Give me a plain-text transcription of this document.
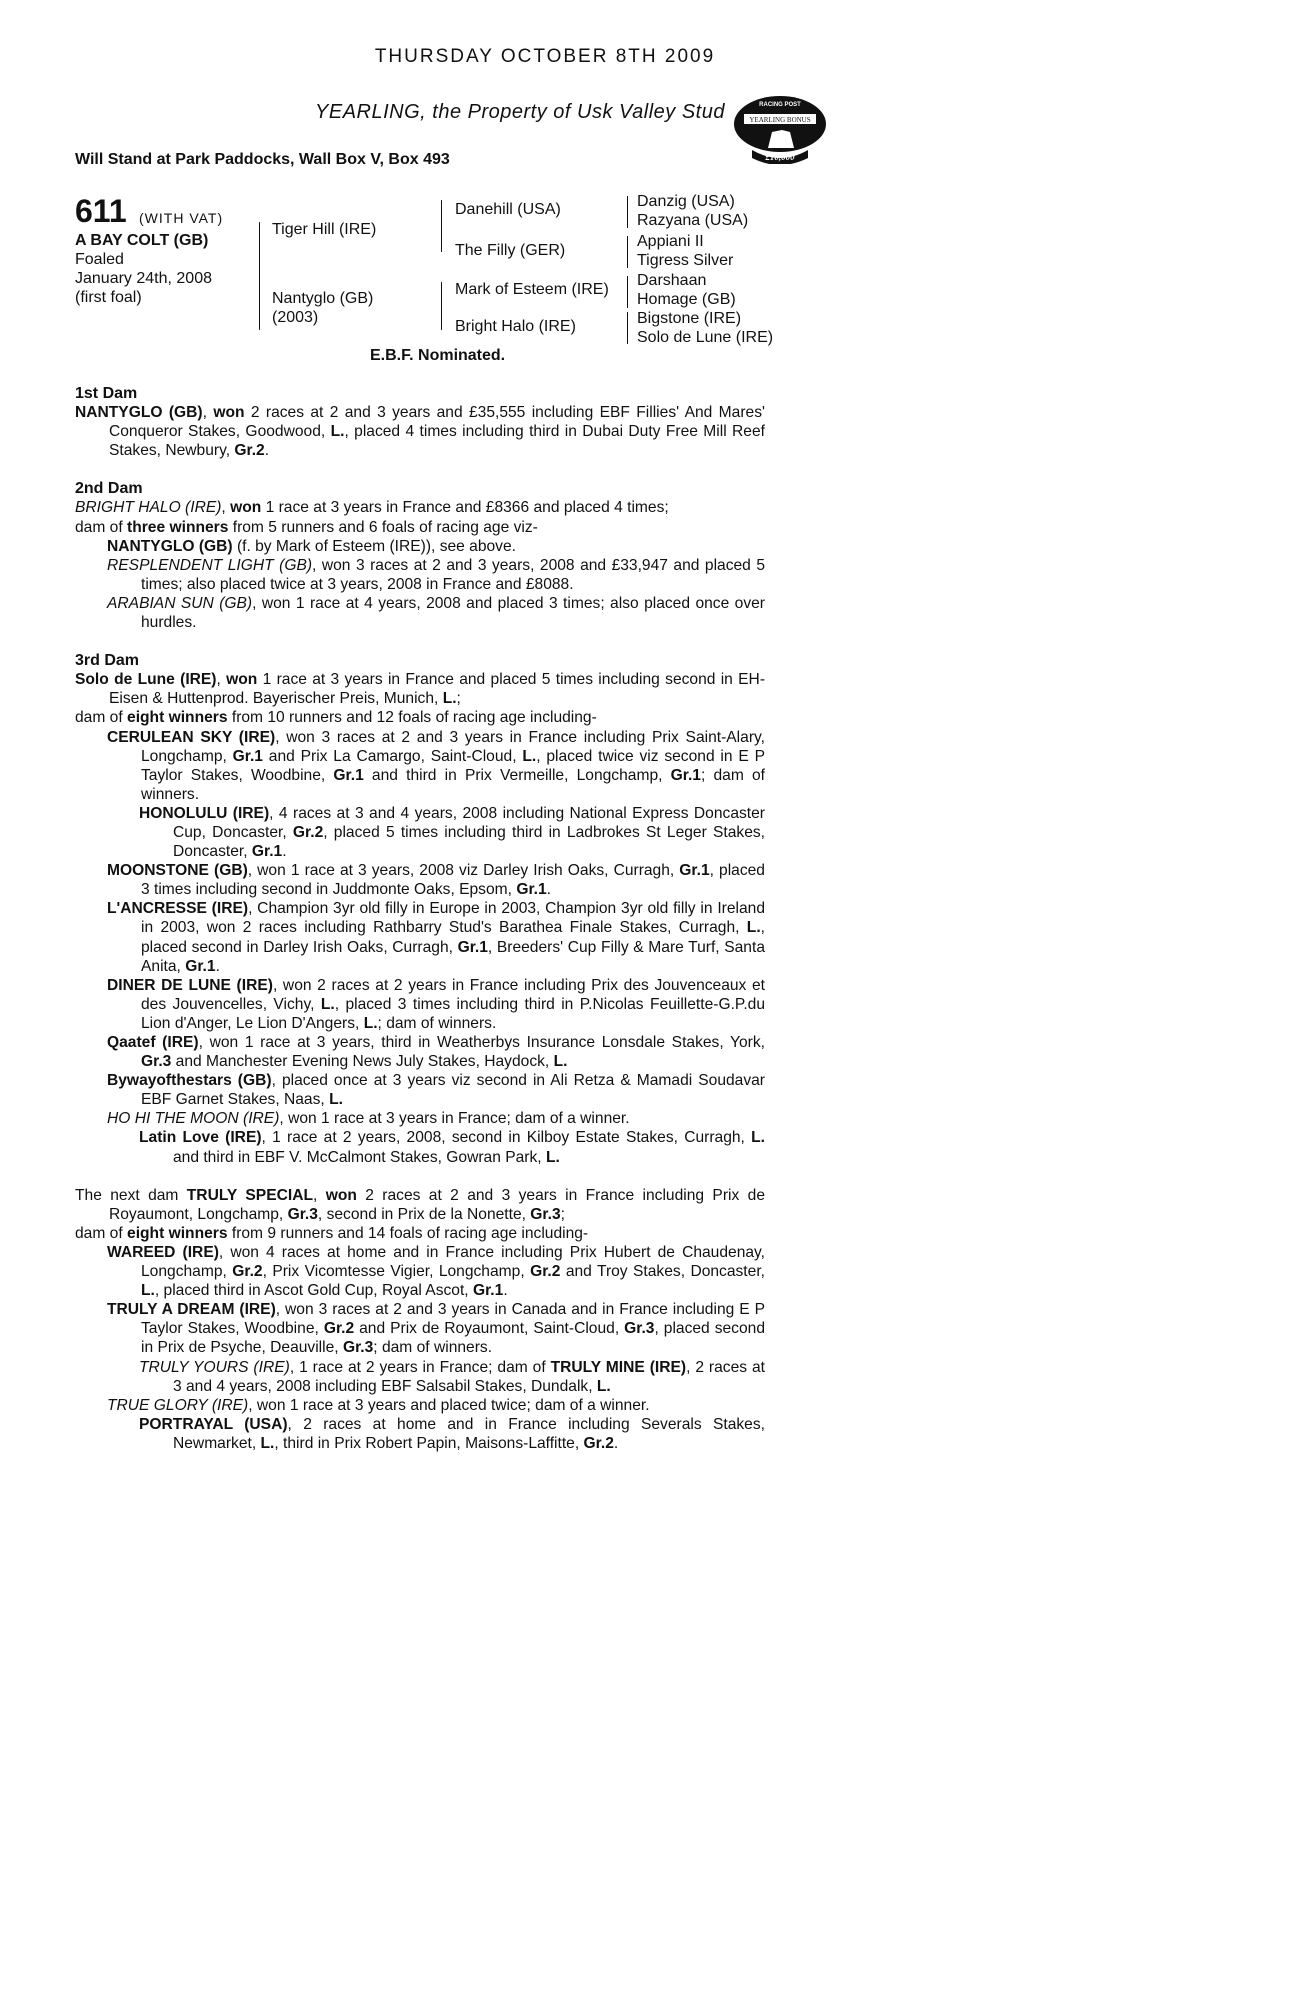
THURSDAY OCTOBER 8TH 2009
YEARLING, the Property of Usk Valley Stud
Will Stand at Park Paddocks, Wall Box V, Box 493
RACING POST
YEARLING BONUS
£10,000
611 (WITH VAT)
A BAY COLT (GB)
Foaled
January 24th, 2008
(first foal)
Tiger Hill (IRE)
Nantyglo (GB)
(2003)
Danehill (USA)
The Filly (GER)
Mark of Esteem (IRE)
Bright Halo (IRE)
Danzig (USA)
Razyana (USA)
Appiani II
Tigress Silver
Darshaan
Homage (GB)
Bigstone (IRE)
Solo de Lune (IRE)
E.B.F. Nominated.

1st Dam

NANTYGLO (GB), won 2 races at 2 and 3 years and £35,555 including EBF Fillies' And Mares' Conqueror Stakes, Goodwood, L., placed 4 times including third in Dubai Duty Free Mill Reef Stakes, Newbury, Gr.2.

2nd Dam

BRIGHT HALO (IRE), won 1 race at 3 years in France and £8366 and placed 4 times;

dam of three winners from 5 runners and 6 foals of racing age viz-

NANTYGLO (GB) (f. by Mark of Esteem (IRE)), see above.

RESPLENDENT LIGHT (GB), won 3 races at 2 and 3 years, 2008 and £33,947 and placed 5 times; also placed twice at 3 years, 2008 in France and £8088.

ARABIAN SUN (GB), won 1 race at 4 years, 2008 and placed 3 times; also placed once over hurdles.

3rd Dam

Solo de Lune (IRE), won 1 race at 3 years in France and placed 5 times including second in EH-Eisen & Huttenprod. Bayerischer Preis, Munich, L.;

dam of eight winners from 10 runners and 12 foals of racing age including-

CERULEAN SKY (IRE), won 3 races at 2 and 3 years in France including Prix Saint-Alary, Longchamp, Gr.1 and Prix La Camargo, Saint-Cloud, L., placed twice viz second in E P Taylor Stakes, Woodbine, Gr.1 and third in Prix Vermeille, Longchamp, Gr.1; dam of winners.

HONOLULU (IRE), 4 races at 3 and 4 years, 2008 including National Express Doncaster Cup, Doncaster, Gr.2, placed 5 times including third in Ladbrokes St Leger Stakes, Doncaster, Gr.1.

MOONSTONE (GB), won 1 race at 3 years, 2008 viz Darley Irish Oaks, Curragh, Gr.1, placed 3 times including second in Juddmonte Oaks, Epsom, Gr.1.

L'ANCRESSE (IRE), Champion 3yr old filly in Europe in 2003, Champion 3yr old filly in Ireland in 2003, won 2 races including Rathbarry Stud's Barathea Finale Stakes, Curragh, L., placed second in Darley Irish Oaks, Curragh, Gr.1, Breeders' Cup Filly & Mare Turf, Santa Anita, Gr.1.

DINER DE LUNE (IRE), won 2 races at 2 years in France including Prix des Jouvenceaux et des Jouvencelles, Vichy, L., placed 3 times including third in P.Nicolas Feuillette-G.P.du Lion d'Anger, Le Lion D'Angers, L.; dam of winners.

Qaatef (IRE), won 1 race at 3 years, third in Weatherbys Insurance Lonsdale Stakes, York, Gr.3 and Manchester Evening News July Stakes, Haydock, L.

Bywayofthestars (GB), placed once at 3 years viz second in Ali Retza & Mamadi Soudavar EBF Garnet Stakes, Naas, L.

HO HI THE MOON (IRE), won 1 race at 3 years in France; dam of a winner.

Latin Love (IRE), 1 race at 2 years, 2008, second in Kilboy Estate Stakes, Curragh, L. and third in EBF V. McCalmont Stakes, Gowran Park, L.

The next dam TRULY SPECIAL, won 2 races at 2 and 3 years in France including Prix de Royaumont, Longchamp, Gr.3, second in Prix de la Nonette, Gr.3;

dam of eight winners from 9 runners and 14 foals of racing age including-

WAREED (IRE), won 4 races at home and in France including Prix Hubert de Chaudenay, Longchamp, Gr.2, Prix Vicomtesse Vigier, Longchamp, Gr.2 and Troy Stakes, Doncaster, L., placed third in Ascot Gold Cup, Royal Ascot, Gr.1.

TRULY A DREAM (IRE), won 3 races at 2 and 3 years in Canada and in France including E P Taylor Stakes, Woodbine, Gr.2 and Prix de Royaumont, Saint-Cloud, Gr.3, placed second in Prix de Psyche, Deauville, Gr.3; dam of winners.

TRULY YOURS (IRE), 1 race at 2 years in France; dam of TRULY MINE (IRE), 2 races at 3 and 4 years, 2008 including EBF Salsabil Stakes, Dundalk, L.

TRUE GLORY (IRE), won 1 race at 3 years and placed twice; dam of a winner.

PORTRAYAL (USA), 2 races at home and in France including Severals Stakes, Newmarket, L., third in Prix Robert Papin, Maisons-Laffitte, Gr.2.
